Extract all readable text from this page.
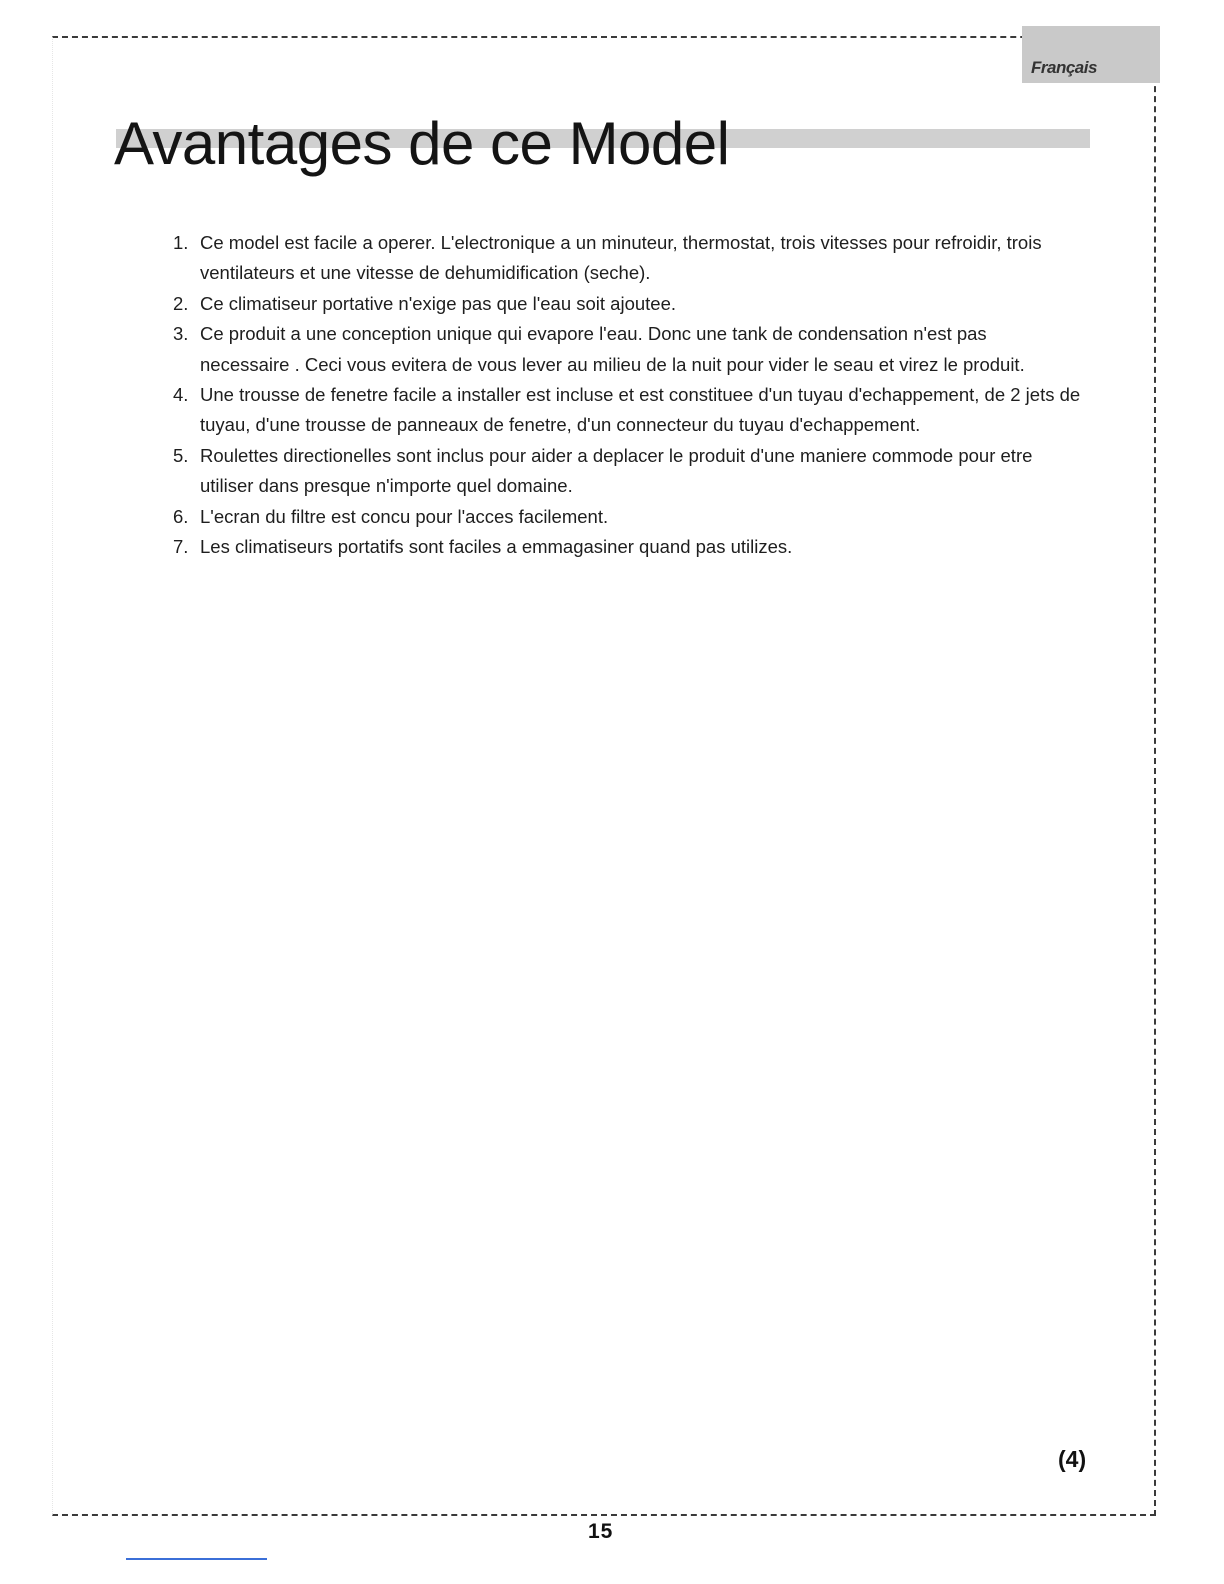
Français
Avantages de ce Model
1. Ce model est facile a operer. L'electronique a un minuteur, thermostat, trois vitesses pour refroidir, trois ventilateurs et une vitesse de dehumidification (seche).
2. Ce climatiseur portative n'exige pas que l'eau soit ajoutee.
3. Ce produit a une conception unique qui evapore l'eau. Donc une tank de condensation n'est pas necessaire . Ceci vous evitera de vous lever au milieu de la nuit pour vider le seau et virez le produit.
4. Une trousse de fenetre facile a installer est incluse et est constituee d'un tuyau d'echappement, de 2 jets de tuyau, d'une trousse de panneaux de fenetre, d'un connecteur du tuyau d'echappement.
5. Roulettes directionelles sont inclus pour aider a deplacer le produit d'une maniere commode pour etre utiliser dans presque n'importe quel domaine.
6. L'ecran du filtre est concu pour l'acces facilement.
7. Les climatiseurs portatifs sont faciles a emmagasiner quand pas utilizes.
(4)
15
